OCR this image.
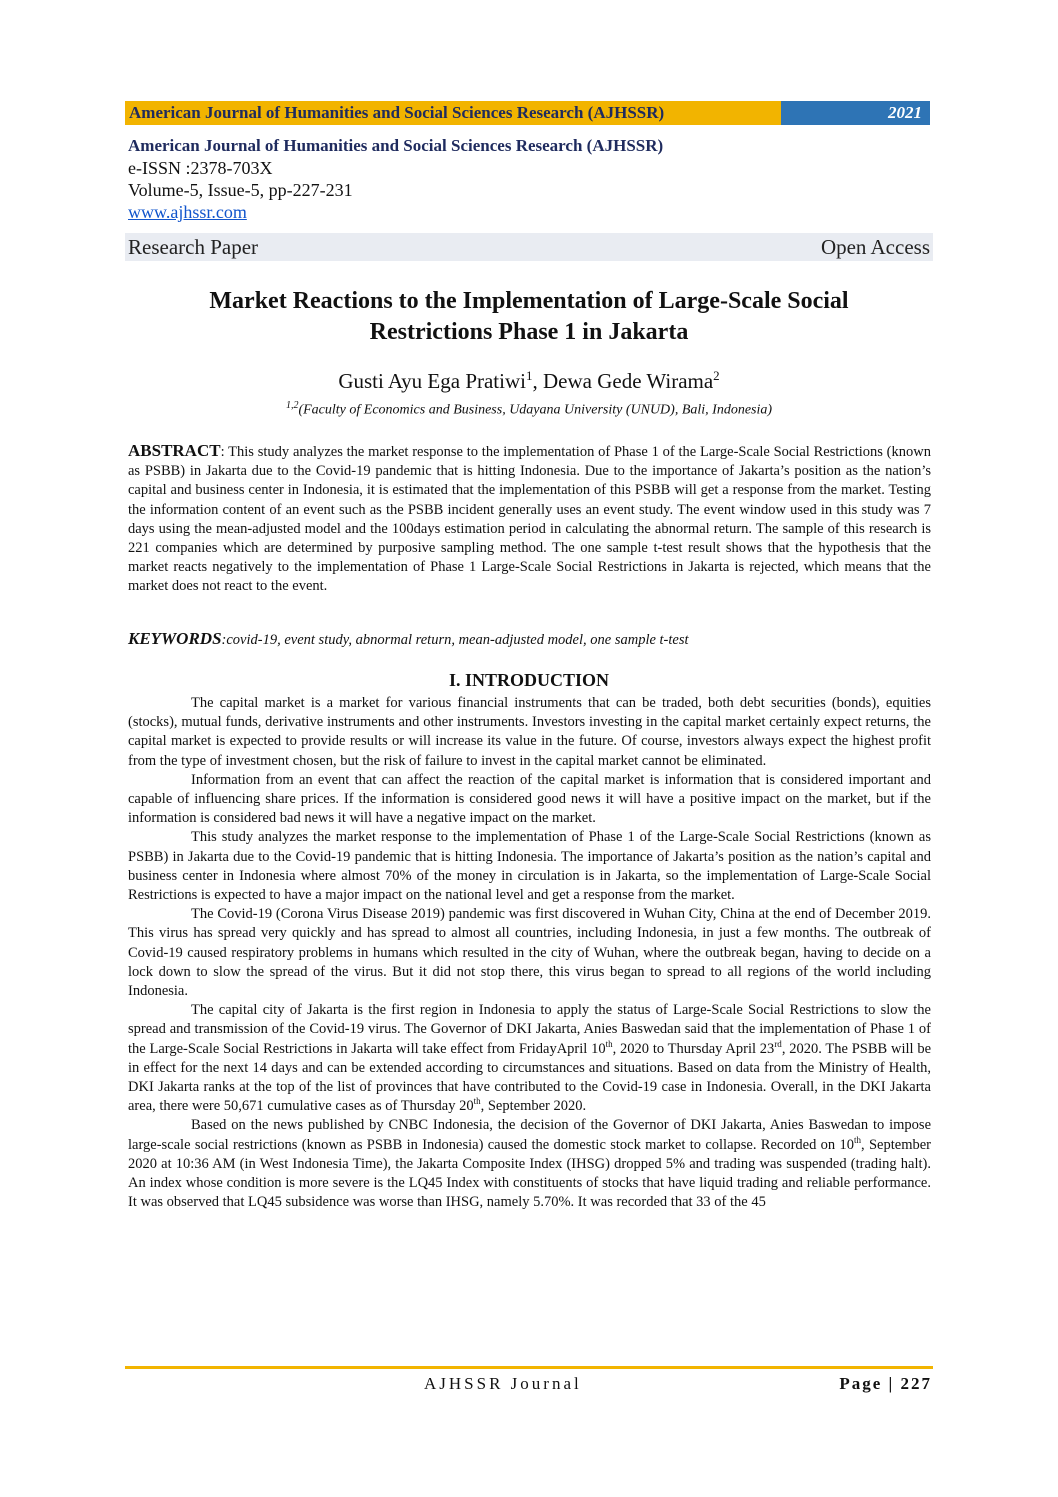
American Journal of Humanities and Social Sciences Research (AJHSSR)	2021
American Journal of Humanities and Social Sciences Research (AJHSSR)
e-ISSN :2378-703X
Volume-5, Issue-5, pp-227-231
www.ajhssr.com
Research Paper	Open Access
Market Reactions to the Implementation of Large-Scale Social
Restrictions Phase 1 in Jakarta
Gusti Ayu Ega Pratiwi$^1$, Dewa Gede Wirama$^2$
$^{1,2}$(Faculty of Economics and Business, Udayana University (UNUD), Bali, Indonesia)
ABSTRACT: This study analyzes the market response to the implementation of Phase 1 of the Large-Scale Social Restrictions (known as PSBB) in Jakarta due to the Covid-19 pandemic that is hitting Indonesia. Due to the importance of Jakarta’s position as the nation’s capital and business center in Indonesia, it is estimated that the implementation of this PSBB will get a response from the market. Testing the information content of an event such as the PSBB incident generally uses an event study. The event window used in this study was 7 days using the mean-adjusted model and the 100days estimation period in calculating the abnormal return. The sample of this research is 221 companies which are determined by purposive sampling method. The one sample t-test result shows that the hypothesis that the market reacts negatively to the implementation of Phase 1 Large-Scale Social Restrictions in Jakarta is rejected, which means that the market does not react to the event.
KEYWORDS:covid-19, event study, abnormal return, mean-adjusted model, one sample t-test
I. INTRODUCTION

The capital market is a market for various financial instruments that can be traded, both debt securities (bonds), equities (stocks), mutual funds, derivative instruments and other instruments. Investors investing in the capital market certainly expect returns, the capital market is expected to provide results or will increase its value in the future. Of course, investors always expect the highest profit from the type of investment chosen, but the risk of failure to invest in the capital market cannot be eliminated.

Information from an event that can affect the reaction of the capital market is information that is considered important and capable of influencing share prices. If the information is considered good news it will have a positive impact on the market, but if the information is considered bad news it will have a negative impact on the market.

This study analyzes the market response to the implementation of Phase 1 of the Large-Scale Social Restrictions (known as PSBB) in Jakarta due to the Covid-19 pandemic that is hitting Indonesia. The importance of Jakarta’s position as the nation’s capital and business center in Indonesia where almost 70% of the money in circulation is in Jakarta, so the implementation of Large-Scale Social Restrictions is expected to have a major impact on the national level and get a response from the market.

The Covid-19 (Corona Virus Disease 2019) pandemic was first discovered in Wuhan City, China at the end of December 2019. This virus has spread very quickly and has spread to almost all countries, including Indonesia, in just a few months. The outbreak of Covid-19 caused respiratory problems in humans which resulted in the city of Wuhan, where the outbreak began, having to decide on a lock down to slow the spread of the virus. But it did not stop there, this virus began to spread to all regions of the world including Indonesia.

The capital city of Jakarta is the first region in Indonesia to apply the status of Large-Scale Social Restrictions to slow the spread and transmission of the Covid-19 virus. The Governor of DKI Jakarta, Anies Baswedan said that the implementation of Phase 1 of the Large-Scale Social Restrictions in Jakarta will take effect from FridayApril 10th, 2020 to Thursday April 23rd, 2020. The PSBB will be in effect for the next 14 days and can be extended according to circumstances and situations. Based on data from the Ministry of Health, DKI Jakarta ranks at the top of the list of provinces that have contributed to the Covid-19 case in Indonesia. Overall, in the DKI Jakarta area, there were 50,671 cumulative cases as of Thursday 20th, September 2020.

Based on the news published by CNBC Indonesia, the decision of the Governor of DKI Jakarta, Anies Baswedan to impose large-scale social restrictions (known as PSBB in Indonesia) caused the domestic stock market to collapse. Recorded on 10th, September 2020 at 10:36 AM (in West Indonesia Time), the Jakarta Composite Index (IHSG) dropped 5% and trading was suspended (trading halt). An index whose condition is more severe is the LQ45 Index with constituents of stocks that have liquid trading and reliable performance. It was observed that LQ45 subsidence was worse than IHSG, namely 5.70%. It was recorded that 33 of the 45

AJHSSR Journal	Page | 227
